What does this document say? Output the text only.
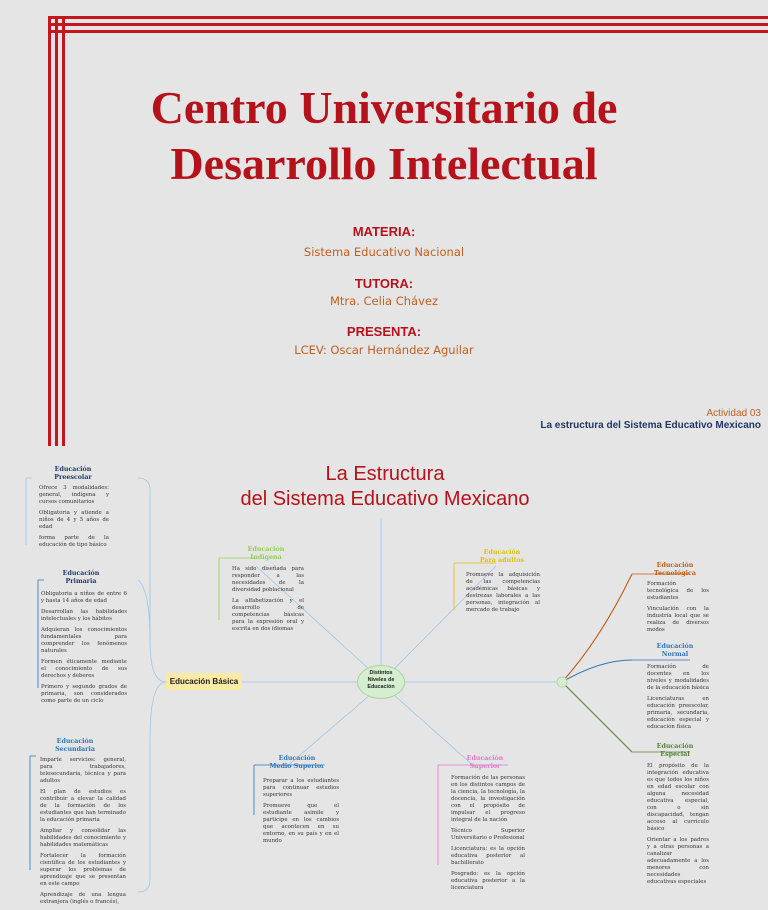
Centro Universitario de
Desarrollo Intelectual
MATERIA:
Sistema Educativo Nacional
TUTORA:
Mtra. Celia Chávez
PRESENTA:
LCEV: Oscar Hernández Aguilar
Actividad 03
La estructura del Sistema Educativo Mexicano
La Estructura
del Sistema Educativo Mexicano
Distintos
Niveles de
Educación
Educación Básica
Educación
Preescolar
Ofrece 3 modalidades: general, indígena y cursos comunitarios
Obligatoria y atiende a niños de 4 y 5 años de edad
forma parte de la educación de tipo básico
Educación
Primaria
Obligatoria a niños de entre 6 y hasta 14 años de edad
Desarrollan las habilidades intelectuales y los hábitos
Adquieran los conocimientos fundamentales para comprender los fenómenos naturales
Formen éticamente mediante el conocimiento de sus derechos y deberes
Primero y segundo grados de primaria, son considerados como parte de un ciclo
Educación
Secundaria
Imparte servicios: general, para trabajadores, telesecundaria, técnica y para adultos
El plan de estudios es contribuir a elevar la calidad de la formación de los estudiantes que han terminado la educación primaria
Ampliar y consolidar las habilidades del conocimiento y habilidades matemáticas
Fortalecer la formación científica de los estudiantes y superar los problemas de aprendizaje que se presentan en este campo
Aprendizaje de una lengua extranjera (inglés o francés),
Educación
Indígena
Ha sido diseñada para responder a las necesidades de la diversidad poblacional
La alfabetización y el desarrollo de competencias básicas para la expresión oral y escrita en dos idiomas
Educación
Para adultos
Promueve la adquisición de las competencias académicas básicas y destrezas laborales a las personas, integración al mercado de trabajo
Educación
Medio Superior
Preparar a los estudiantes para continuar estudios superiores
Promueve que el estudiante asimile y participe en los cambios que acontecen en su entorno, en su país y en el mundo
Educación
Superior
Formación de las personas en los distintos campos de la ciencia, la tecnología, la docencia, la investigación con el propósito de impulsar el progreso integral de la nación
Técnico Superior Universitario o Profesional
Licenciatura: es la opción educativa posterior al bachillerato
Posgrado: es la opción educativa posterior a la licenciatura
Educación
Tecnológica
Formación tecnológica de los estudiantes
Vinculación con la industria local que se realiza de diversos modos
Educación
Normal
Formación de docentes en los niveles y modalidades de la educación básica
Licenciaturas en educación preescolar, primaria, secundaria, educación especial y educación física
Educación
Especial
El propósito de la integración educativa es que todos los niños en edad escolar con alguna necesidad educativa especial, con o sin discapacidad, tengan acceso al currículo básico
Orientar a los padres y a otras personas a canalizar adecuadamente a los menores con necesidades educativas especiales
